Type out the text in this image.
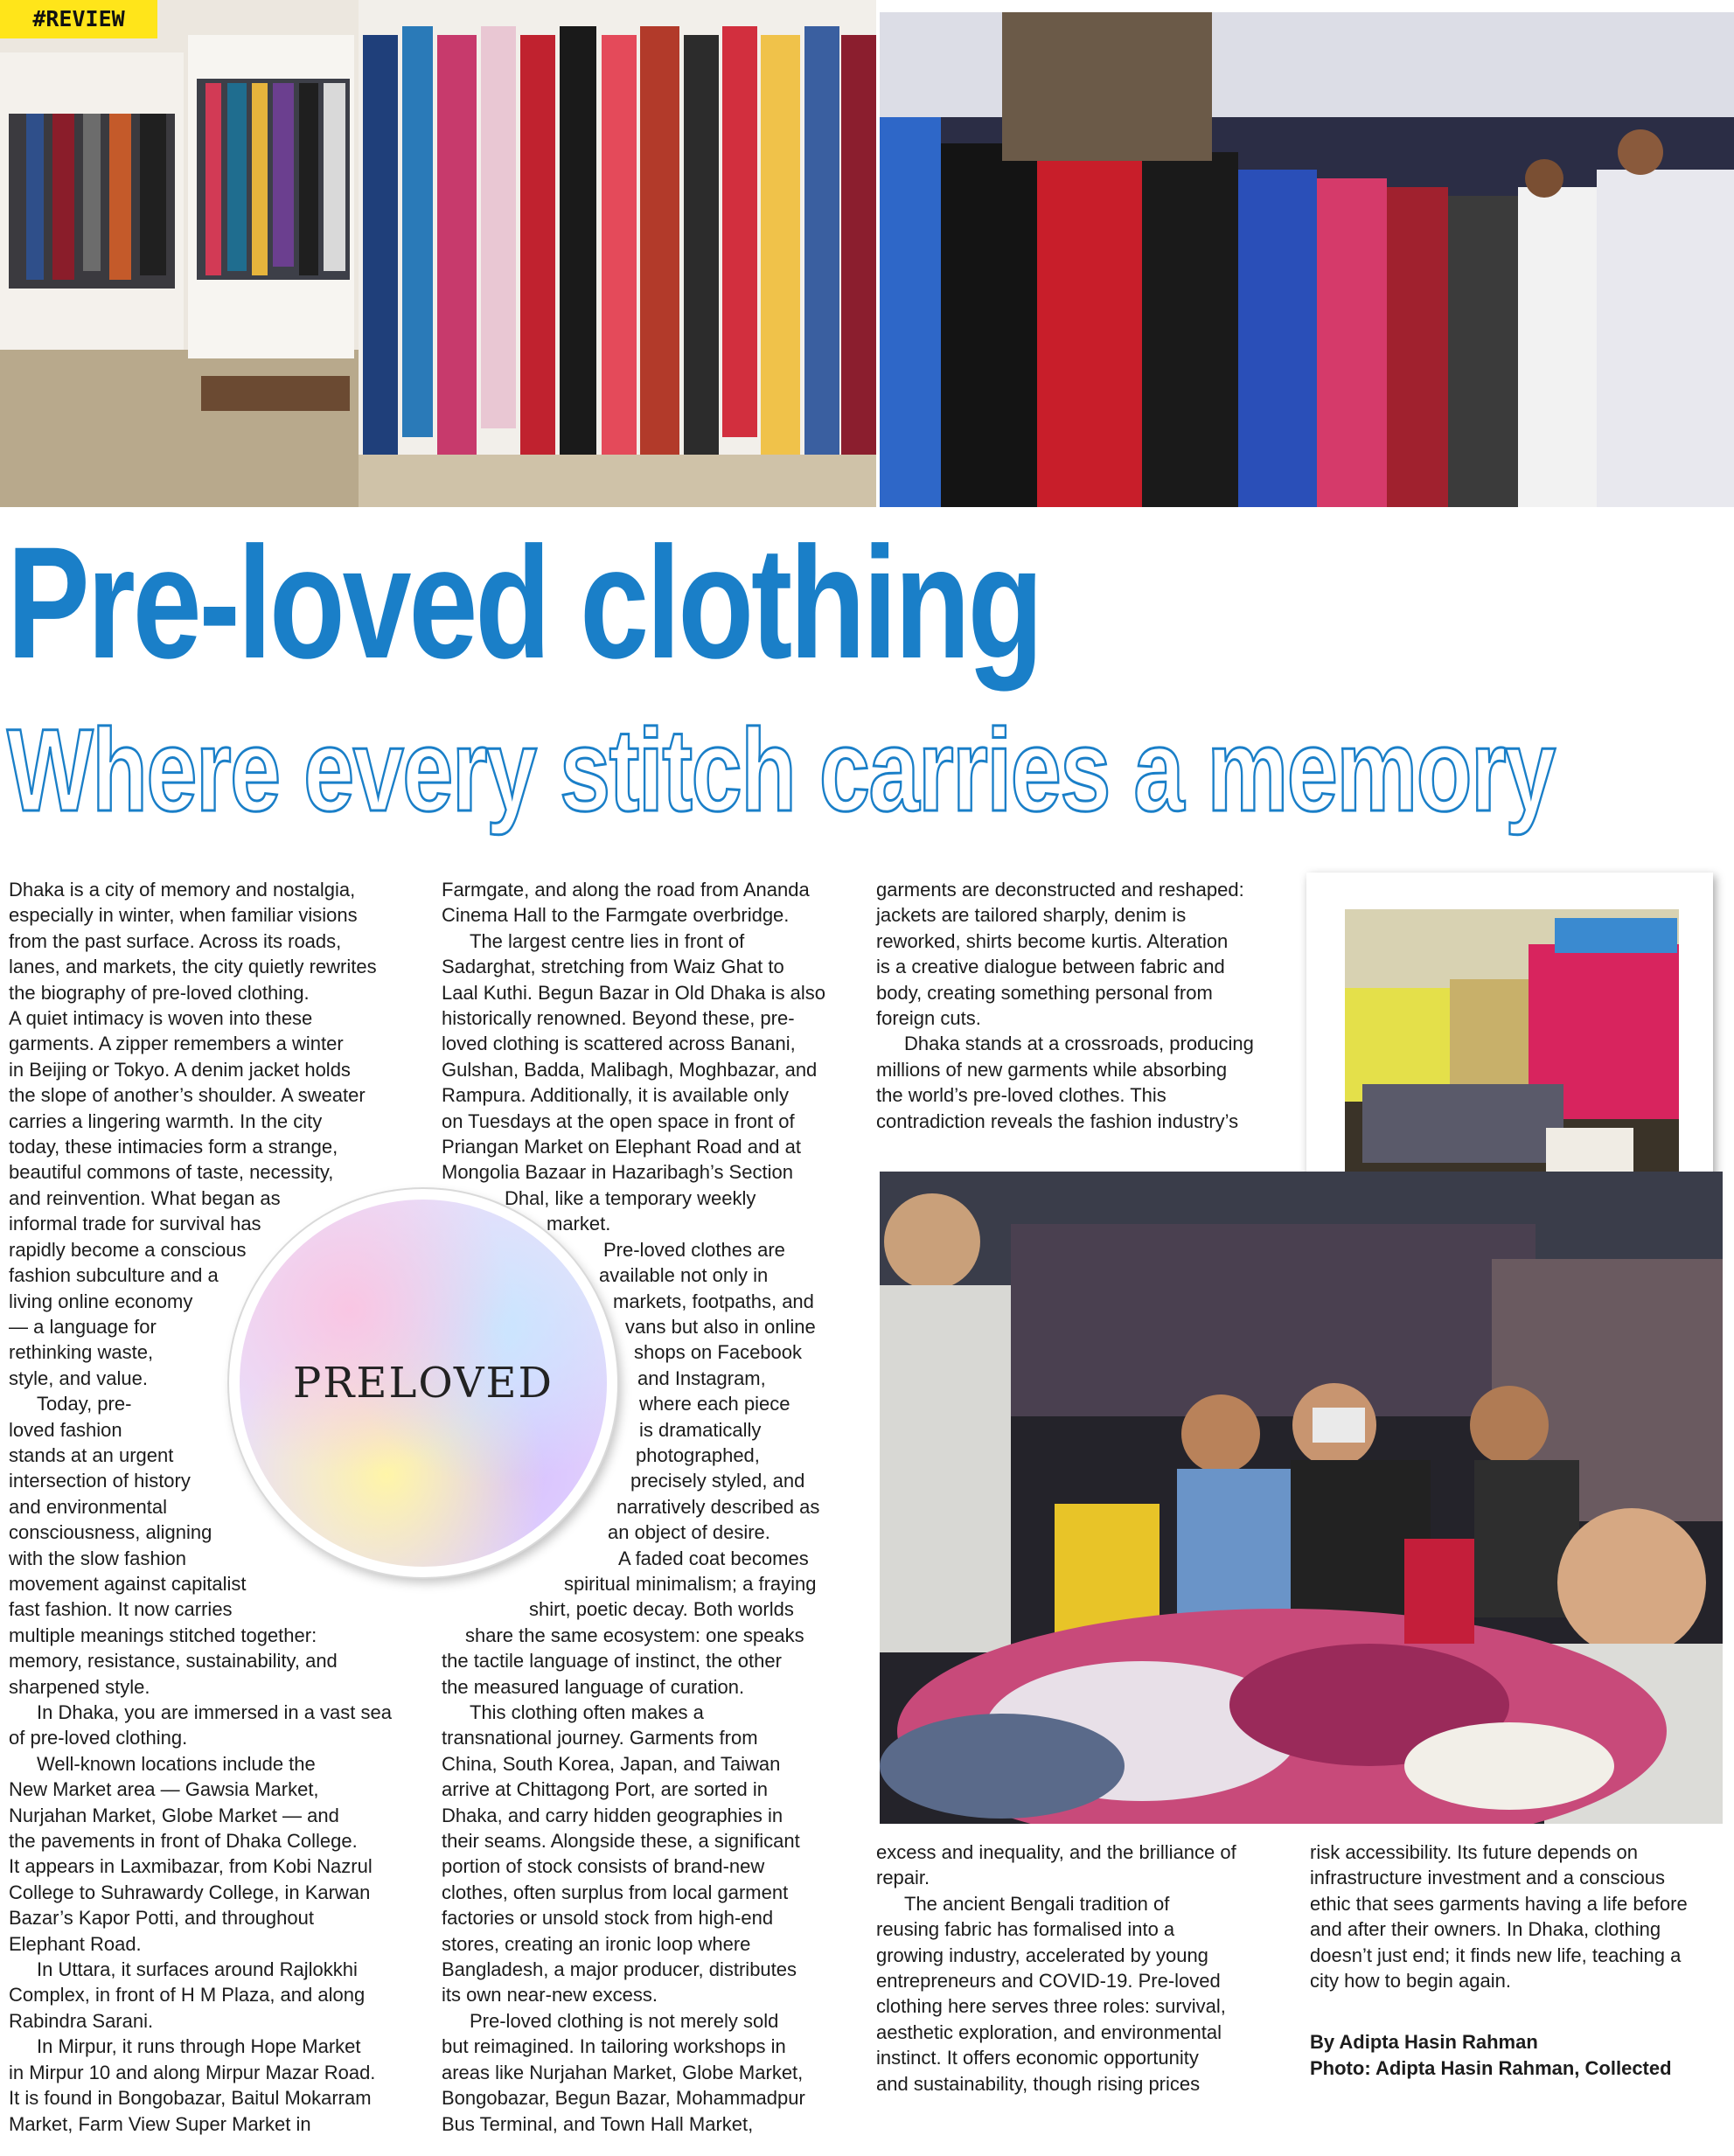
#REVIEW
Pre-loved clothing
Where every stitch carries a memory

Dhaka is a city of memory and nostalgia,

especially in winter, when familiar visions

from the past surface. Across its roads,

lanes, and markets, the city quietly rewrites

the biography of pre-loved clothing.

A quiet intimacy is woven into these

garments. A zipper remembers a winter

in Beijing or Tokyo. A denim jacket holds

the slope of another’s shoulder. A sweater

carries a lingering warmth. In the city

today, these intimacies form a strange,

beautiful commons of taste, necessity,

and reinvention. What began as

informal trade for survival has

rapidly become a conscious

fashion subculture and a

living online economy

— a language for

rethinking waste,

style, and value.

Today, pre-

loved fashion

stands at an urgent

intersection of history

and environmental

consciousness, aligning

with the slow fashion

movement against capitalist

fast fashion. It now carries

multiple meanings stitched together:

memory, resistance, sustainability, and

sharpened style.

In Dhaka, you are immersed in a vast sea

of pre-loved clothing.

Well-known locations include the

New Market area — Gawsia Market,

Nurjahan Market, Globe Market — and

the pavements in front of Dhaka College.

It appears in Laxmibazar, from Kobi Nazrul

College to Suhrawardy College, in Karwan

Bazar’s Kapor Potti, and throughout

Elephant Road.

In Uttara, it surfaces around Rajlokkhi

Complex, in front of H M Plaza, and along

Rabindra Sarani.

In Mirpur, it runs through Hope Market

in Mirpur 10 and along Mirpur Mazar Road.

It is found in Bongobazar, Baitul Mokarram

Market, Farm View Super Market in

Farmgate, and along the road from Ananda

Cinema Hall to the Farmgate overbridge.

The largest centre lies in front of

Sadarghat, stretching from Waiz Ghat to

Laal Kuthi. Begun Bazar in Old Dhaka is also

historically renowned. Beyond these, pre-

loved clothing is scattered across Banani,

Gulshan, Badda, Malibagh, Moghbazar, and

Rampura. Additionally, it is available only

on Tuesdays at the open space in front of

Priangan Market on Elephant Road and at

Mongolia Bazaar in Hazaribagh’s Section

Dhal, like a temporary weekly

market.

Pre-loved clothes are

available not only in

markets, footpaths, and

vans but also in online

shops on Facebook

and Instagram,

where each piece

is dramatically

photographed,

precisely styled, and

narratively described as

an object of desire.

A faded coat becomes

spiritual minimalism; a fraying

shirt, poetic decay. Both worlds

share the same ecosystem: one speaks

the tactile language of instinct, the other

the measured language of curation.

This clothing often makes a

transnational journey. Garments from

China, South Korea, Japan, and Taiwan

arrive at Chittagong Port, are sorted in

Dhaka, and carry hidden geographies in

their seams. Alongside these, a significant

portion of stock consists of brand-new

clothes, often surplus from local garment

factories or unsold stock from high-end

stores, creating an ironic loop where

Bangladesh, a major producer, distributes

its own near-new excess.

Pre-loved clothing is not merely sold

but reimagined. In tailoring workshops in

areas like Nurjahan Market, Globe Market,

Bongobazar, Begun Bazar, Mohammadpur

Bus Terminal, and Town Hall Market,

PRELOVED

garments are deconstructed and reshaped:

jackets are tailored sharply, denim is

reworked, shirts become kurtis. Alteration

is a creative dialogue between fabric and

body, creating something personal from

foreign cuts.

Dhaka stands at a crossroads, producing

millions of new garments while absorbing

the world’s pre-loved clothes. This

contradiction reveals the fashion industry’s

excess and inequality, and the brilliance of

repair.

The ancient Bengali tradition of

reusing fabric has formalised into a

growing industry, accelerated by young

entrepreneurs and COVID-19. Pre-loved

clothing here serves three roles: survival,

aesthetic exploration, and environmental

instinct. It offers economic opportunity

and sustainability, though rising prices

risk accessibility. Its future depends on

infrastructure investment and a conscious

ethic that sees garments having a life before

and after their owners. In Dhaka, clothing

doesn’t just end; it finds new life, teaching a

city how to begin again.

By Adipta Hasin Rahman

Photo: Adipta Hasin Rahman, Collected
